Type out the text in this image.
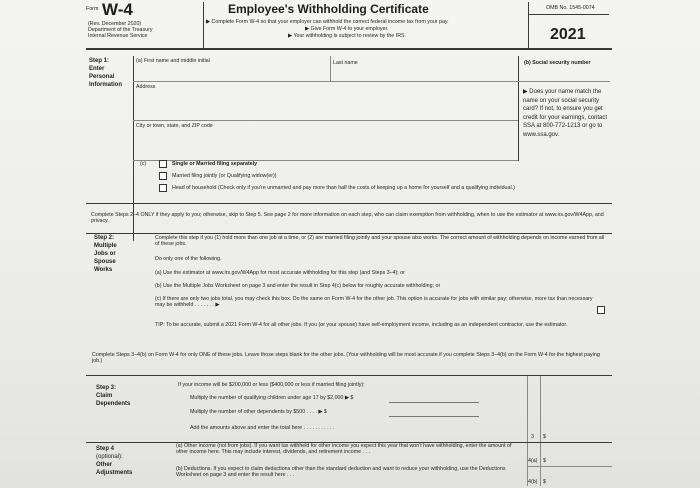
Form W-4
(Rev. December 2020)
Department of the Treasury
Internal Revenue Service
Employee's Withholding Certificate
▶ Complete Form W-4 so that your employer can withhold the correct federal income tax from your pay.
▶ Give Form W-4 to your employer.
▶ Your withholding is subject to review by the IRS.
OMB No. 1545-0074
2021
Step 1:
Enter
Personal
Information
(a) First name and middle initial	Last name	(b) Social security number
Address
City or town, state, and ZIP code
▶ Does your name match the name on your social security card? If not, to ensure you get credit for your earnings, contact SSA at 800-772-1213 or go to www.ssa.gov.
(c)	Single or Married filing separately
Married filing jointly (or Qualifying widow(er))
Head of household (Check only if you're unmarried and pay more than half the costs of keeping up a home for yourself and a qualifying individual.)
Complete Steps 2–4 ONLY if they apply to you; otherwise, skip to Step 5. See page 2 for more information on each step, who can claim exemption from withholding, when to use the estimator at www.irs.gov/W4App, and privacy.
Step 2:
Multiple
Jobs or
Spouse
Works
Complete this step if you (1) hold more than one job at a time, or (2) are married filing jointly and your spouse also works. The correct amount of withholding depends on income earned from all of these jobs.
Do only one of the following.
(a) Use the estimator at www.irs.gov/W4App for most accurate withholding for this step (and Steps 3–4); or
(b) Use the Multiple Jobs Worksheet on page 3 and enter the result in Step 4(c) below for roughly accurate withholding; or
(c) If there are only two jobs total, you may check this box. Do the same on Form W-4 for the other job. This option is accurate for jobs with similar pay; otherwise, more tax than necessary may be withheld . . . . . . . ▶
TIP: To be accurate, submit a 2021 Form W-4 for all other jobs. If you (or your spouse) have self-employment income, including as an independent contractor, use the estimator.
Complete Steps 3–4(b) on Form W-4 for only ONE of these jobs. Leave those steps blank for the other jobs. (Your withholding will be most accurate if you complete Steps 3–4(b) on the Form W-4 for the highest paying job.)
Step 3:
Claim
Dependents
If your income will be $200,000 or less ($400,000 or less if married filing jointly):
Multiply the number of qualifying children under age 17 by $2,000 ▶ $
Multiply the number of other dependents by $500 . . . . ▶ $
Add the amounts above and enter the total here . . . . . . . . . . .
3 $
Step 4
(optional):
Other
Adjustments
(a) Other income (not from jobs). If you want tax withheld for other income you expect this year that won't have withholding, enter the amount of other income here. This may include interest, dividends, and retirement income . . .
4(a) $
(b) Deductions. If you expect to claim deductions other than the standard deduction and want to reduce your withholding, use the Deductions Worksheet on page 3 and enter the result here . . .
4(b) $
